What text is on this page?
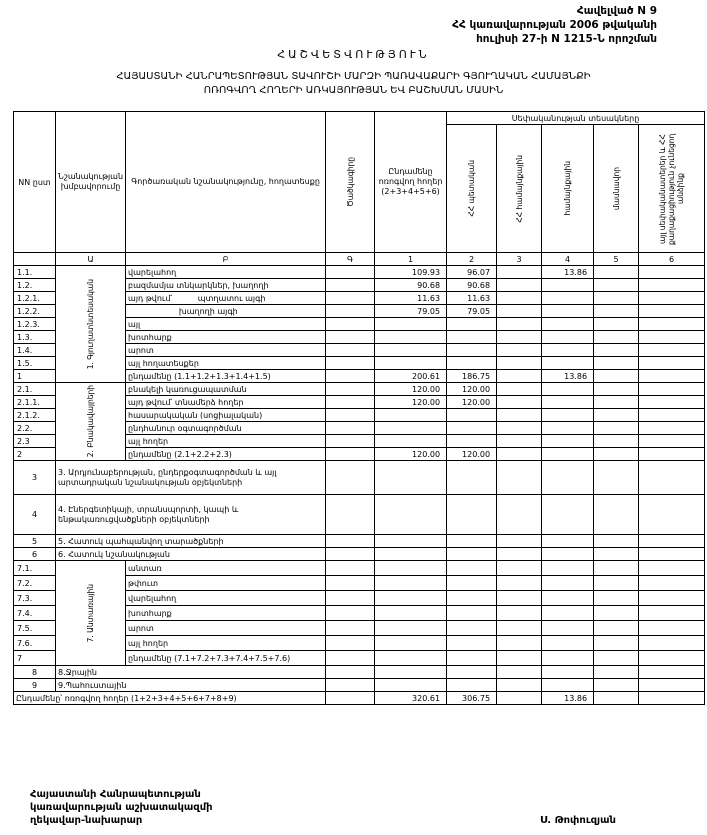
Հավելված N 9
ՀՀ կառավարության 2006 թվականի
հուլիսի 27-ի N 1215-Ն որոշման
ՀԱՇՎԵՏՎՈՒԹՅՈՒՆ
ՀԱՅԱՍՏԱՆԻ ՀԱՆՐԱՊԵՏՈՒԹՅԱՆ ՏԱՎՈՒՇԻ ՄԱՐԶԻ ՊԱՌԱՎԱՔԱՐԻ ԳՅՈՒՂԱԿԱՆ ՀԱՄԱՅՆՔԻ
ՈՌՈԳՎՈՂ ՀՈՂԵՐԻ ԱՌԿԱՅՈՒԹՅԱՆ ԵՎ ԲԱՇԽՄԱՆ ՄԱՍԻՆ
NN ըստ	Նշանակության խմբավորումը	Գործառական նշանակությունը, հողատեսքը	Ծածկագիրը	Ընդամենը ոռոգվող հողեր (2+3+4+5+6)	Սեփականության տեսակները				

					ՀՀ պետական	ՀՀ համայնքային	համայնքային	մասնավոր	այլ սեփականատերեր և ՀՀ քաղաքացիություն չունեցող անձինք

	Ա	Բ	Գ	1	2	3	4	5	6
1.1.	1. Գյուղատնտեսական	վարելահող		109.93	96.07		13.86		
1.2.		բազմամյա տնկարկներ, խաղողի		90.68	90.68				
1.2.1.		այդ թվում՝          պտղատու այգի		11.63	11.63				
1.2.2.		խաղողի այգի		79.05	79.05				
1.2.3.		այլ							
1.3.		խոտհարք							
1.4.		արոտ							
1.5.		այլ հողատեսքեր							
1		ընդամենը (1.1+1.2+1.3+1.4+1.5)		200.61	186.75		13.86		
2.1.	2. Բնակավայրերի	բնակելի կառուցապատման		120.00	120.00				
2.1.1.		այդ թվում՝ տնամերձ հողեր		120.00	120.00				
2.1.2.		հասարակական (սոցիալական)							
2.2.		ընդհանուր օգտագործման							
2.3		այլ հողեր							
2		ընդամենը (2.1+2.2+2.3)		120.00	120.00				
3	3. Արդյունաբերության, ընդերքօգտագործման և այլ արտադրական նշանակության օբյեկտների								
4	4. Էներգետիկայի, տրանսպորտի, կապի և ենթակառուցվածքների օբյեկտների								
5	5. Հատուկ պահպանվող տարածքների								
6	6. Հատուկ նշանակության								
7.1.	7. Անտառային	անտառ							
7.2.		թփուտ							
7.3.		վարելահող							
7.4.		խոտհարք							
7.5.		արոտ							
7.6.		այլ հողեր							
7		ընդամենը (7.1+7.2+7.3+7.4+7.5+7.6)							
8	8.Ջրային								
9	9.Պահուստային								
Ընդամենը՝ ոռոգվող հողեր (1+2+3+4+5+6+7+8+9)				320.61	306.75		13.86		
Հայաստանի Հանրապետության
կառավարության աշխատակազմի
ղեկավար-նախարար	Ս. Թոփուզյան
